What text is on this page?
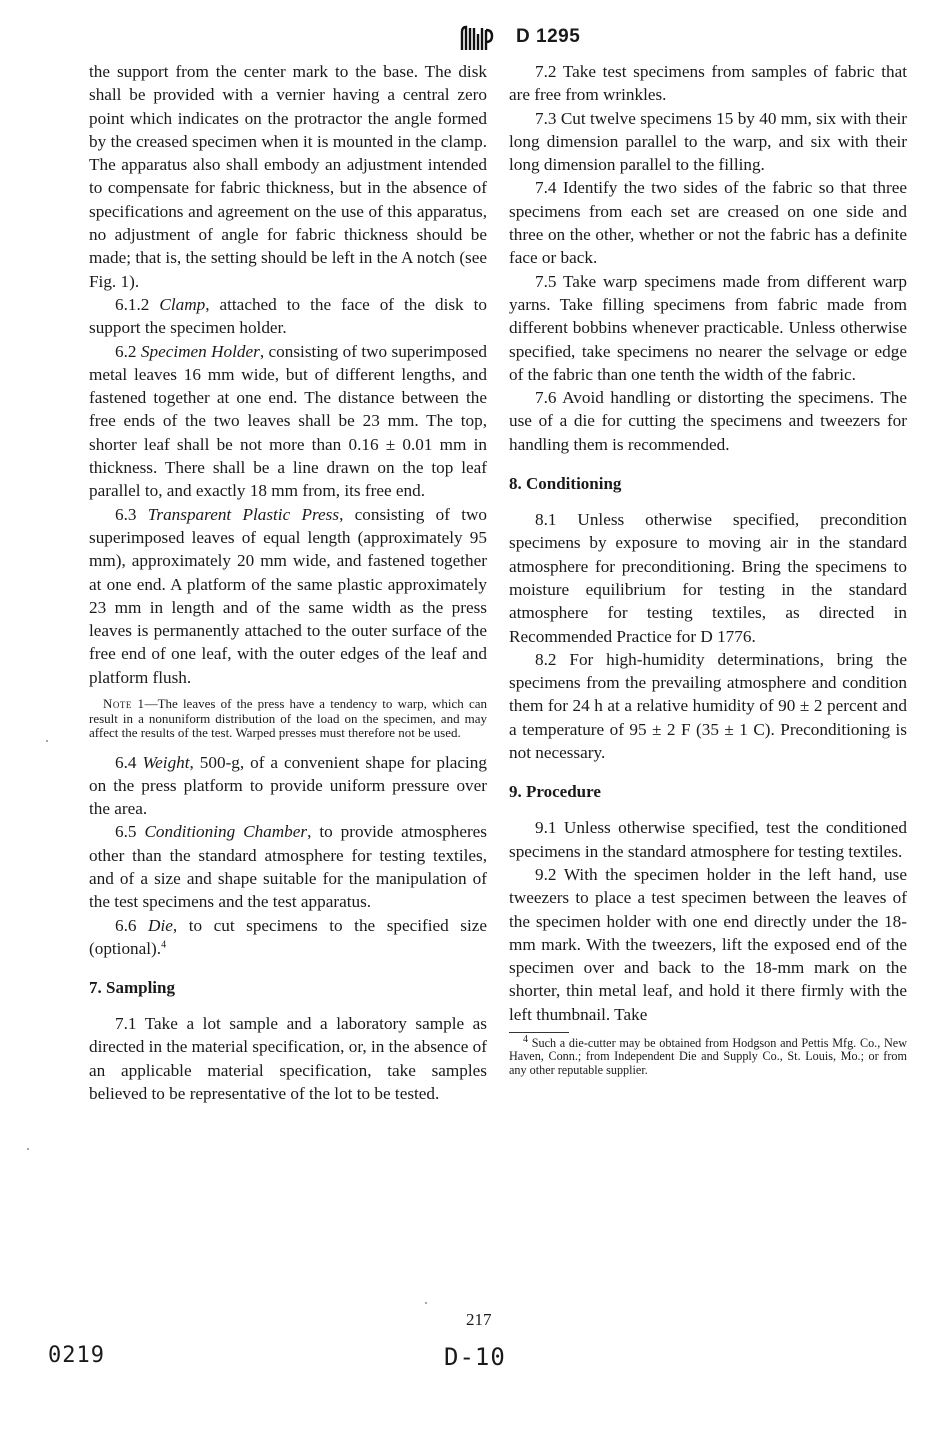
D 1295

the support from the center mark to the base. The disk shall be provided with a vernier having a central zero point which indicates on the protractor the angle formed by the creased specimen when it is mounted in the clamp. The apparatus also shall embody an adjustment intended to compensate for fabric thickness, but in the absence of specifications and agreement on the use of this apparatus, no adjustment of angle for fabric thickness should be made; that is, the setting should be left in the A notch (see Fig. 1).

6.1.2 Clamp, attached to the face of the disk to support the specimen holder.

6.2 Specimen Holder, consisting of two superimposed metal leaves 16 mm wide, but of different lengths, and fastened together at one end. The distance between the free ends of the two leaves shall be 23 mm. The top, shorter leaf shall be not more than 0.16 ± 0.01 mm in thickness. There shall be a line drawn on the top leaf parallel to, and exactly 18 mm from, its free end.

6.3 Transparent Plastic Press, consisting of two superimposed leaves of equal length (approximately 95 mm), approximately 20 mm wide, and fastened together at one end. A platform of the same plastic approximately 23 mm in length and of the same width as the press leaves is permanently attached to the outer surface of the free end of one leaf, with the outer edges of the leaf and platform flush.

Note 1—The leaves of the press have a tendency to warp, which can result in a nonuniform distribution of the load on the specimen, and may affect the results of the test. Warped presses must therefore not be used.

6.4 Weight, 500-g, of a convenient shape for placing on the press platform to provide uniform pressure over the area.

6.5 Conditioning Chamber, to provide atmospheres other than the standard atmosphere for testing textiles, and of a size and shape suitable for the manipulation of the test specimens and the test apparatus.

6.6 Die, to cut specimens to the specified size (optional).$^4$

7. Sampling

7.1 Take a lot sample and a laboratory sample as directed in the material specification, or, in the absence of an applicable material specification, take samples believed to be representative of the lot to be tested.

7.2 Take test specimens from samples of fabric that are free from wrinkles.

7.3 Cut twelve specimens 15 by 40 mm, six with their long dimension parallel to the warp, and six with their long dimension parallel to the filling.

7.4 Identify the two sides of the fabric so that three specimens from each set are creased on one side and three on the other, whether or not the fabric has a definite face or back.

7.5 Take warp specimens made from different warp yarns. Take filling specimens from fabric made from different bobbins whenever practicable. Unless otherwise specified, take specimens no nearer the selvage or edge of the fabric than one tenth the width of the fabric.

7.6 Avoid handling or distorting the specimens. The use of a die for cutting the specimens and tweezers for handling them is recommended.

8. Conditioning

8.1 Unless otherwise specified, precondition specimens by exposure to moving air in the standard atmosphere for preconditioning. Bring the specimens to moisture equilibrium for testing in the standard atmosphere for testing textiles, as directed in Recommended Practice for D 1776.

8.2 For high-humidity determinations, bring the specimens from the prevailing atmosphere and condition them for 24 h at a relative humidity of 90 ± 2 percent and a temperature of 95 ± 2 F (35 ± 1 C). Preconditioning is not necessary.

9. Procedure

9.1 Unless otherwise specified, test the conditioned specimens in the standard atmosphere for testing textiles.

9.2 With the specimen holder in the left hand, use tweezers to place a test specimen between the leaves of the specimen holder with one end directly under the 18-mm mark. With the tweezers, lift the exposed end of the specimen over and back to the 18-mm mark on the shorter, thin metal leaf, and hold it there firmly with the left thumbnail. Take

$^4$ Such a die-cutter may be obtained from Hodgson and Pettis Mfg. Co., New Haven, Conn.; from Independent Die and Supply Co., St. Louis, Mo.; or from any other reputable supplier.

217
0219	D-10
